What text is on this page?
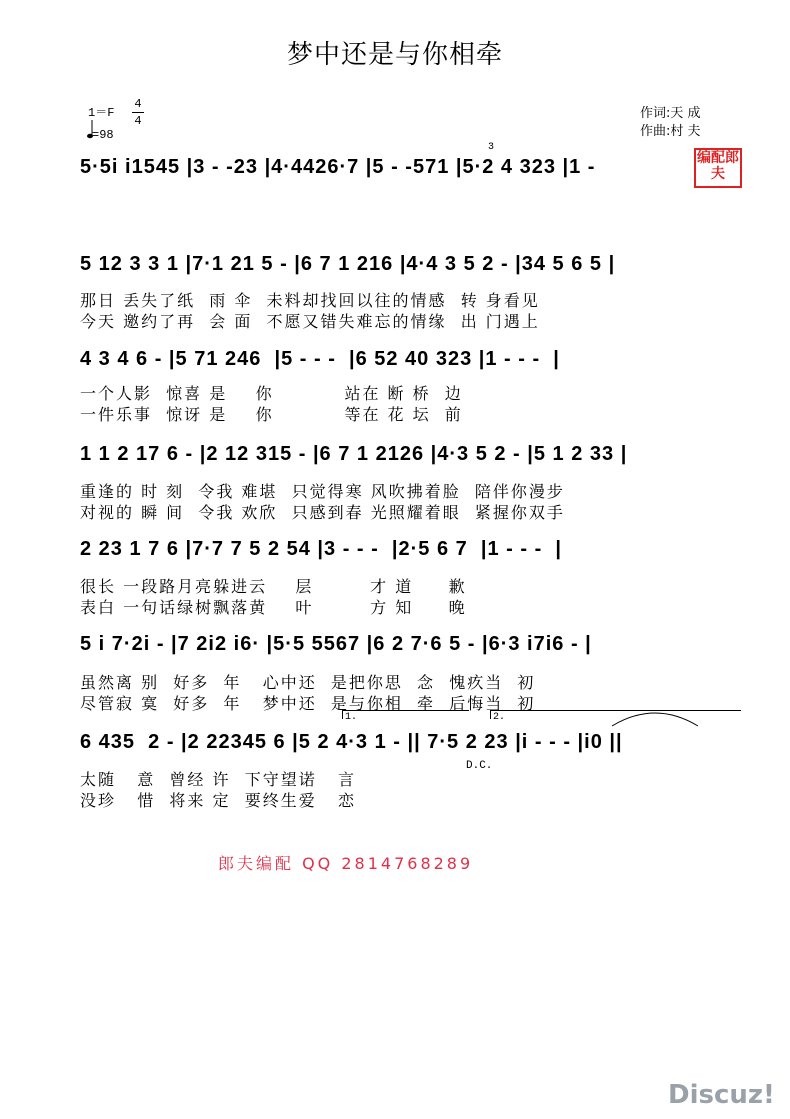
梦中还是与你相牵
1＝F
4
4
=98
作词:天 成
作曲:村 夫
编配郎夫
5·5i i1545 |3 - -23 |4·4426·7 |5 - -571 |5·2 4 323 |1 -
3
5 12 3 3 1 |7·1 21 5 - |6 7 1 216 |4·4 3 5 2 - |34 5 6 5 |
那日 丢失了纸  雨 伞  未料却找回以往的情感  转 身看见
今天 邀约了再  会 面  不愿又错失难忘的情缘  出 门遇上
4 3 4 6 - |5 71 246  |5 - - -  |6 52 40 323 |1 - - -  |
一个人影  惊喜 是    你          站在 断 桥  边
一件乐事  惊讶 是    你          等在 花 坛  前
1 1 2 17 6 - |2 12 315 - |6 7 1 2126 |4·3 5 2 - |5 1 2 33 |
重逢的 时 刻  令我 难堪  只觉得寒 风吹拂着脸  陪伴你漫步
对视的 瞬 间  令我 欢欣  只感到春 光照耀着眼  紧握你双手
2 23 1 7 6 |7·7 7 5 2 54 |3 - - -  |2·5 6 7  |1 - - -  |
很长 一段路月亮躲进云    层        才 道     歉
表白 一句话绿树飘落黄    叶        方 知     晚
5 i 7·2i - |7 2i2 i6· |5·5 5567 |6 2 7·6 5 - |6·3 i7i6 - |
虽然离 别  好多  年   心中还  是把你思  念  愧疚当  初
尽管寂 寞  好多  年   梦中还  是与你相  牵  后悔当  初
1.	2.
6 435  2 - |2 22345 6 |5 2 4·3 1 - || 7·5 2 23 |i - - - |i0 ||
D.C.
太随   意  曾经 许  下守望诺   言
没珍   惜  将来 定  要终生爱   恋
郎夫编配 QQ 2814768289
Discuz!
